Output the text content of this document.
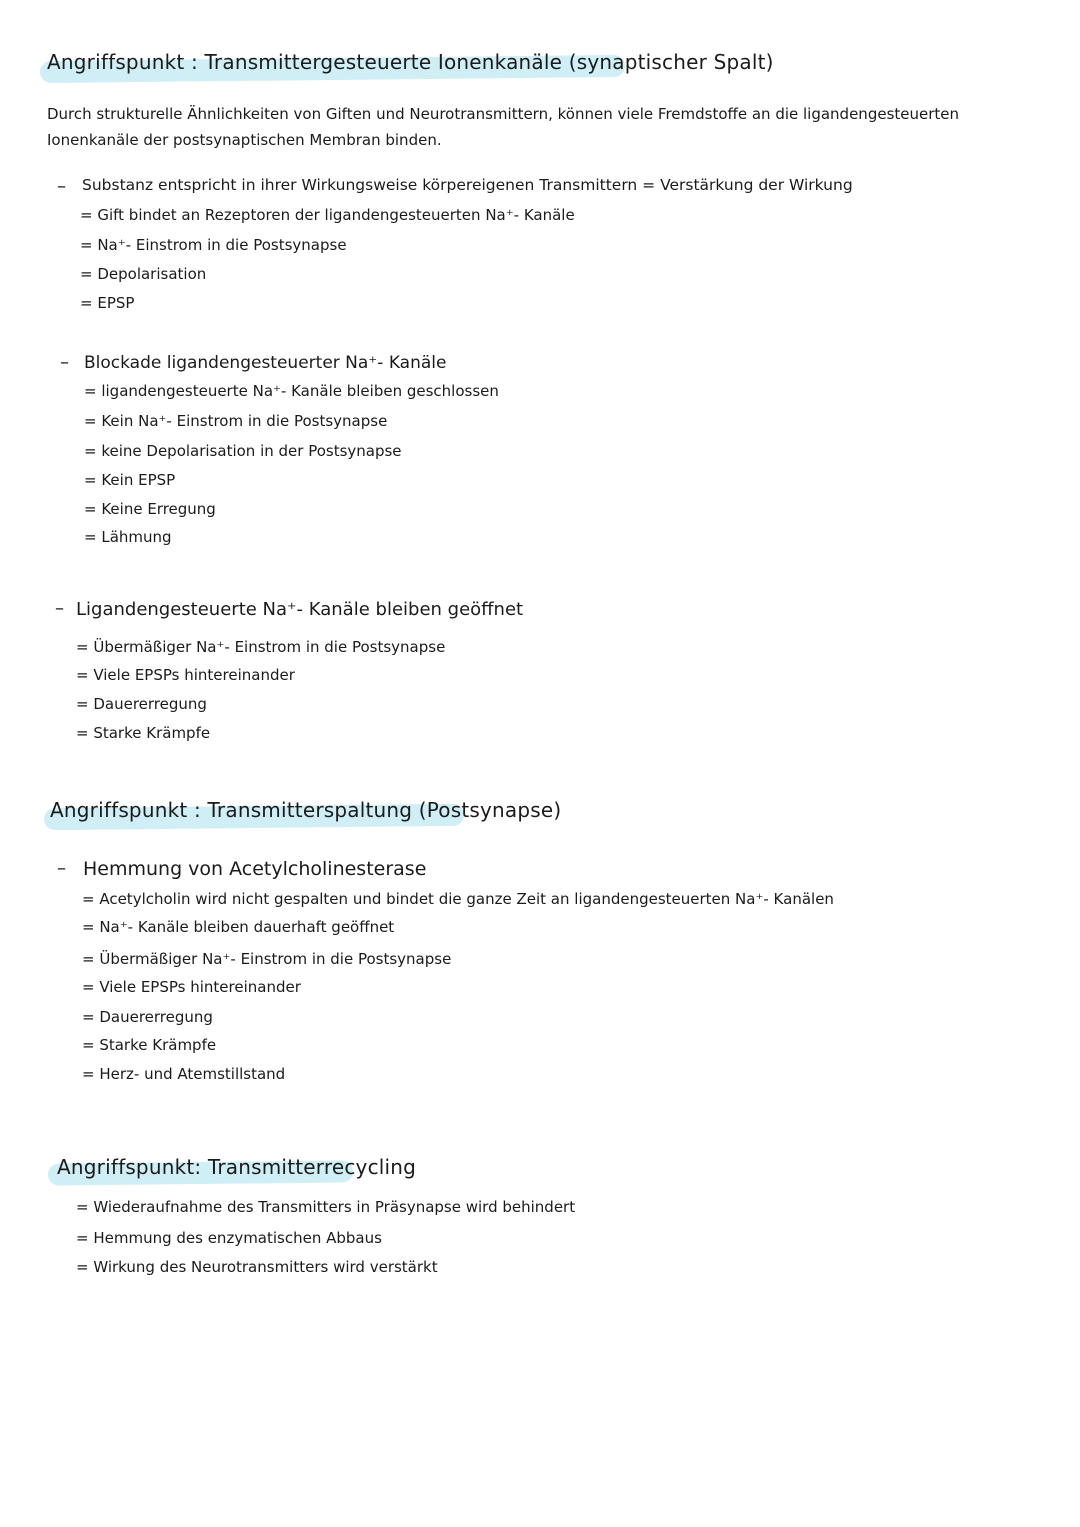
Angriffspunkt : Transmittergesteuerte Ionenkanäle (synaptischer Spalt)
Durch strukturelle Ähnlichkeiten von Giften und Neurotransmittern, können viele Fremdstoffe an die ligandengesteuerten
Ionenkanäle der postsynaptischen Membran binden.
– Substanz entspricht in ihrer Wirkungsweise körpereigenen Transmittern = Verstärkung der Wirkung
= Gift bindet an Rezeptoren der ligandengesteuerten Na⁺- Kanäle
= Na⁺- Einstrom in die Postsynapse
= Depolarisation
= EPSP
– Blockade ligandengesteuerter Na⁺- Kanäle
= ligandengesteuerte Na⁺- Kanäle bleiben geschlossen
= Kein Na⁺- Einstrom in die Postsynapse
= keine Depolarisation in der Postsynapse
= Kein EPSP
= Keine Erregung
= Lähmung
– Ligandengesteuerte Na⁺- Kanäle bleiben geöffnet
= Übermäßiger Na⁺- Einstrom in die Postsynapse
= Viele EPSPs hintereinander
= Dauererregung
= Starke Krämpfe
Angriffspunkt : Transmitterspaltung (Postsynapse)
– Hemmung von Acetylcholinesterase
= Acetylcholin wird nicht gespalten und bindet die ganze Zeit an ligandengesteuerten Na⁺- Kanälen
= Na⁺- Kanäle bleiben dauerhaft geöffnet
= Übermäßiger Na⁺- Einstrom in die Postsynapse
= Viele EPSPs hintereinander
= Dauererregung
= Starke Krämpfe
= Herz- und Atemstillstand
Angriffspunkt: Transmitterrecycling
= Wiederaufnahme des Transmitters in Präsynapse wird behindert
= Hemmung des enzymatischen Abbaus
= Wirkung des Neurotransmitters wird verstärkt
